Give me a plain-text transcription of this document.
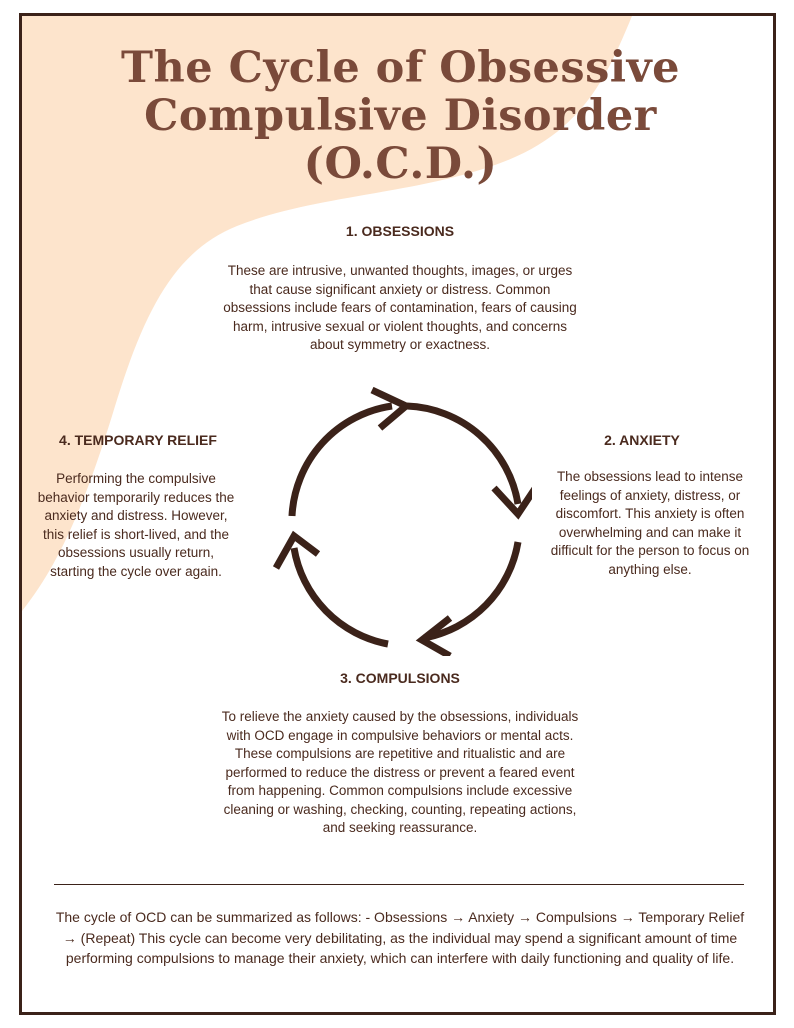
The Cycle of Obsessive
Compulsive Disorder
(O.C.D.)
1. OBSESSIONS
These are intrusive, unwanted thoughts, images, or urges that cause significant anxiety or distress. Common obsessions include fears of contamination, fears of causing harm, intrusive sexual or violent thoughts, and concerns about symmetry or exactness.
4. TEMPORARY RELIEF
Performing the compulsive behavior temporarily reduces the anxiety and distress. However, this relief is short-lived, and the obsessions usually return, starting the cycle over again.
2. ANXIETY
The obsessions lead to intense feelings of anxiety, distress, or discomfort. This anxiety is often overwhelming and can make it difficult for the person to focus on anything else.
3. COMPULSIONS
To relieve the anxiety caused by the obsessions, individuals with OCD engage in compulsive behaviors or mental acts. These compulsions are repetitive and ritualistic and are performed to reduce the distress or prevent a feared event from happening. Common compulsions include excessive cleaning or washing, checking, counting, repeating actions, and seeking reassurance.

The cycle of OCD can be summarized as follows: - Obsessions → Anxiety → Compulsions → Temporary Relief → (Repeat) This cycle can become very debilitating, as the individual may spend a significant amount of time performing compulsions to manage their anxiety, which can interfere with daily functioning and quality of life.
